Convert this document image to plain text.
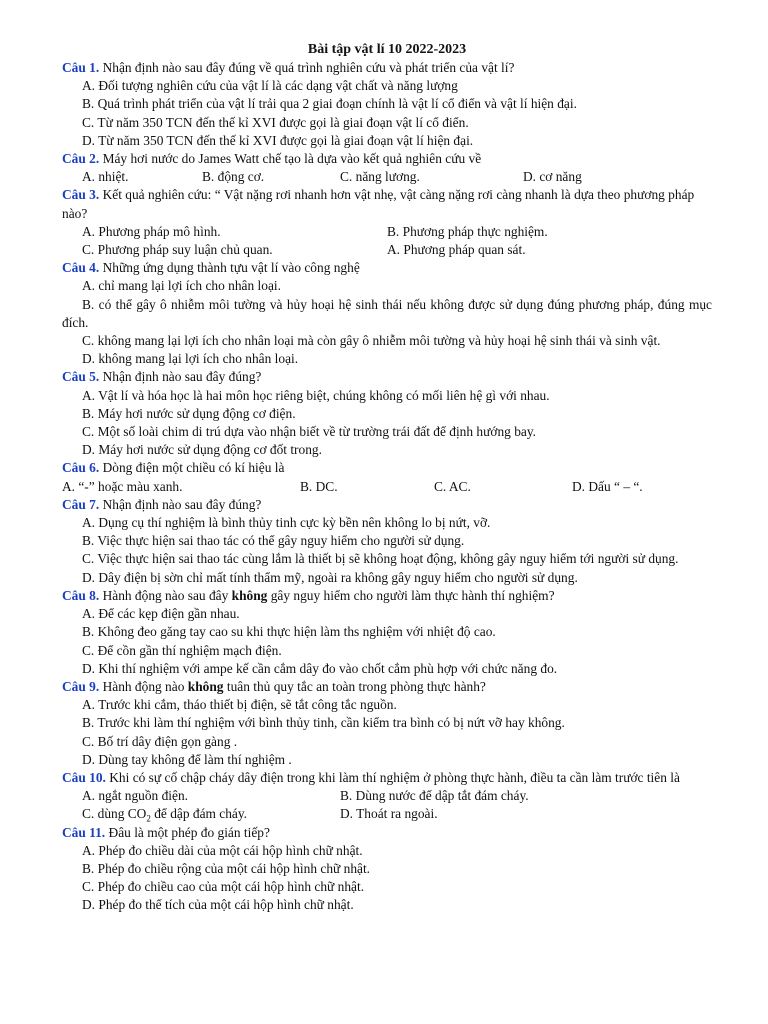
Bài tập vật lí 10 2022-2023
Câu 1. Nhận định nào sau đây đúng về quá trình nghiên cứu và phát triển của vật lí?
A. Đối tượng nghiên cứu của vật lí là các dạng vật chất và năng lượng
B. Quá trình phát triển của vật lí trải qua 2 giai đoạn chính là vật lí cổ điển và vật lí hiện đại.
C. Từ năm 350 TCN đến thế kỉ XVI được gọi là giai đoạn vật lí cổ điển.
D. Từ năm 350 TCN đến thế kỉ XVI được gọi là giai đoạn vật lí hiện đại.
Câu 2. Máy hơi nước do James Watt chế tạo là dựa vào kết quả nghiên cứu về
A. nhiệt.	B. động cơ.	C. năng lương.	D. cơ năng
Câu 3. Kết quả nghiên cứu: “ Vật nặng rơi nhanh hơn vật nhẹ, vật càng nặng rơi càng nhanh là dựa theo phương pháp nào?
A. Phương pháp mô hình.	B. Phương pháp thực nghiệm.
C. Phương pháp suy luận chủ quan.	A. Phương pháp quan sát.
Câu 4. Những ứng dụng thành tựu vật lí vào công nghệ
A. chỉ mang lại lợi ích cho nhân loại.
B. có thể gây ô nhiễm môi tường và hủy hoại hệ sinh thái nếu không được sử dụng đúng phương pháp, đúng mục đích.
C. không mang lại lợi ích cho nhân loại mà còn gây ô nhiễm môi tường và hủy hoại hệ sinh thái và sinh vật.
D. không mang lại lợi ích cho nhân loại.
Câu 5. Nhận định nào sau đây đúng?
A. Vật lí và hóa học là hai môn học riêng biệt, chúng không có mối liên hệ gì với nhau.
B. Máy hơi nước sử dụng động cơ điện.
C. Một số loài chim di trú dựa vào nhận biết về từ trường trái đất để định hướng bay.
D. Máy hơi nước sử dụng động cơ đốt trong.
Câu 6. Dòng điện một chiều có kí hiệu là
A. “-” hoặc màu xanh.	B. DC.	C. AC.	D. Dấu “ – “.
Câu 7. Nhận định nào sau đây đúng?
A. Dụng cụ thí nghiệm là bình thủy tinh cực kỳ bền nên không lo bị nứt, vỡ.
B. Việc thực hiện sai thao tác có thể gây nguy hiểm cho người sử dụng.
C. Việc thực hiện sai thao tác cùng lắm là thiết bị sẽ không hoạt động, không gây nguy hiểm tới người sử dụng.
D. Dây điện bị sờn chỉ mất tính thẩm mỹ, ngoài ra không gây nguy hiểm cho người sử dụng.
Câu 8. Hành động nào sau đây không gây nguy hiểm cho người làm thực hành thí nghiệm?
A. Để các kẹp điện gần nhau.
B. Không đeo găng tay cao su khi thực hiện làm ths nghiệm với nhiệt độ cao.
C. Để cồn gần thí nghiệm mạch điện.
D. Khi thí nghiệm với ampe kế cần cắm dây đo vào chốt cắm phù hợp với chức năng đo.
Câu 9. Hành động nào không tuân thủ quy tắc an toàn trong phòng thực hành?
A. Trước khi cắm, tháo thiết bị điện, sẽ tắt công tắc nguồn.
B. Trước khi làm thí nghiệm với bình thủy tinh, cần kiểm tra bình có bị nứt vỡ hay không.
C. Bố trí dây điện gọn gàng .
D. Dùng tay không để làm thí nghiệm .
Câu 10. Khi có sự cố chập cháy dây điện trong khi làm thí nghiệm ở phòng thực hành, điều ta cần làm trước tiên là
A. ngắt nguồn điện.	B. Dùng nước để dập tắt đám cháy.
C. dùng $CO_2$ để dập đám cháy.	D. Thoát ra ngoài.
Câu 11. Đâu là một phép đo gián tiếp?
A. Phép đo chiều dài của một cái hộp hình chữ nhật.
B. Phép đo chiều rộng của một cái hộp hình chữ nhật.
C. Phép đo chiều cao của một cái hộp hình chữ nhật.
D. Phép đo thể tích của một cái hộp hình chữ nhật.
